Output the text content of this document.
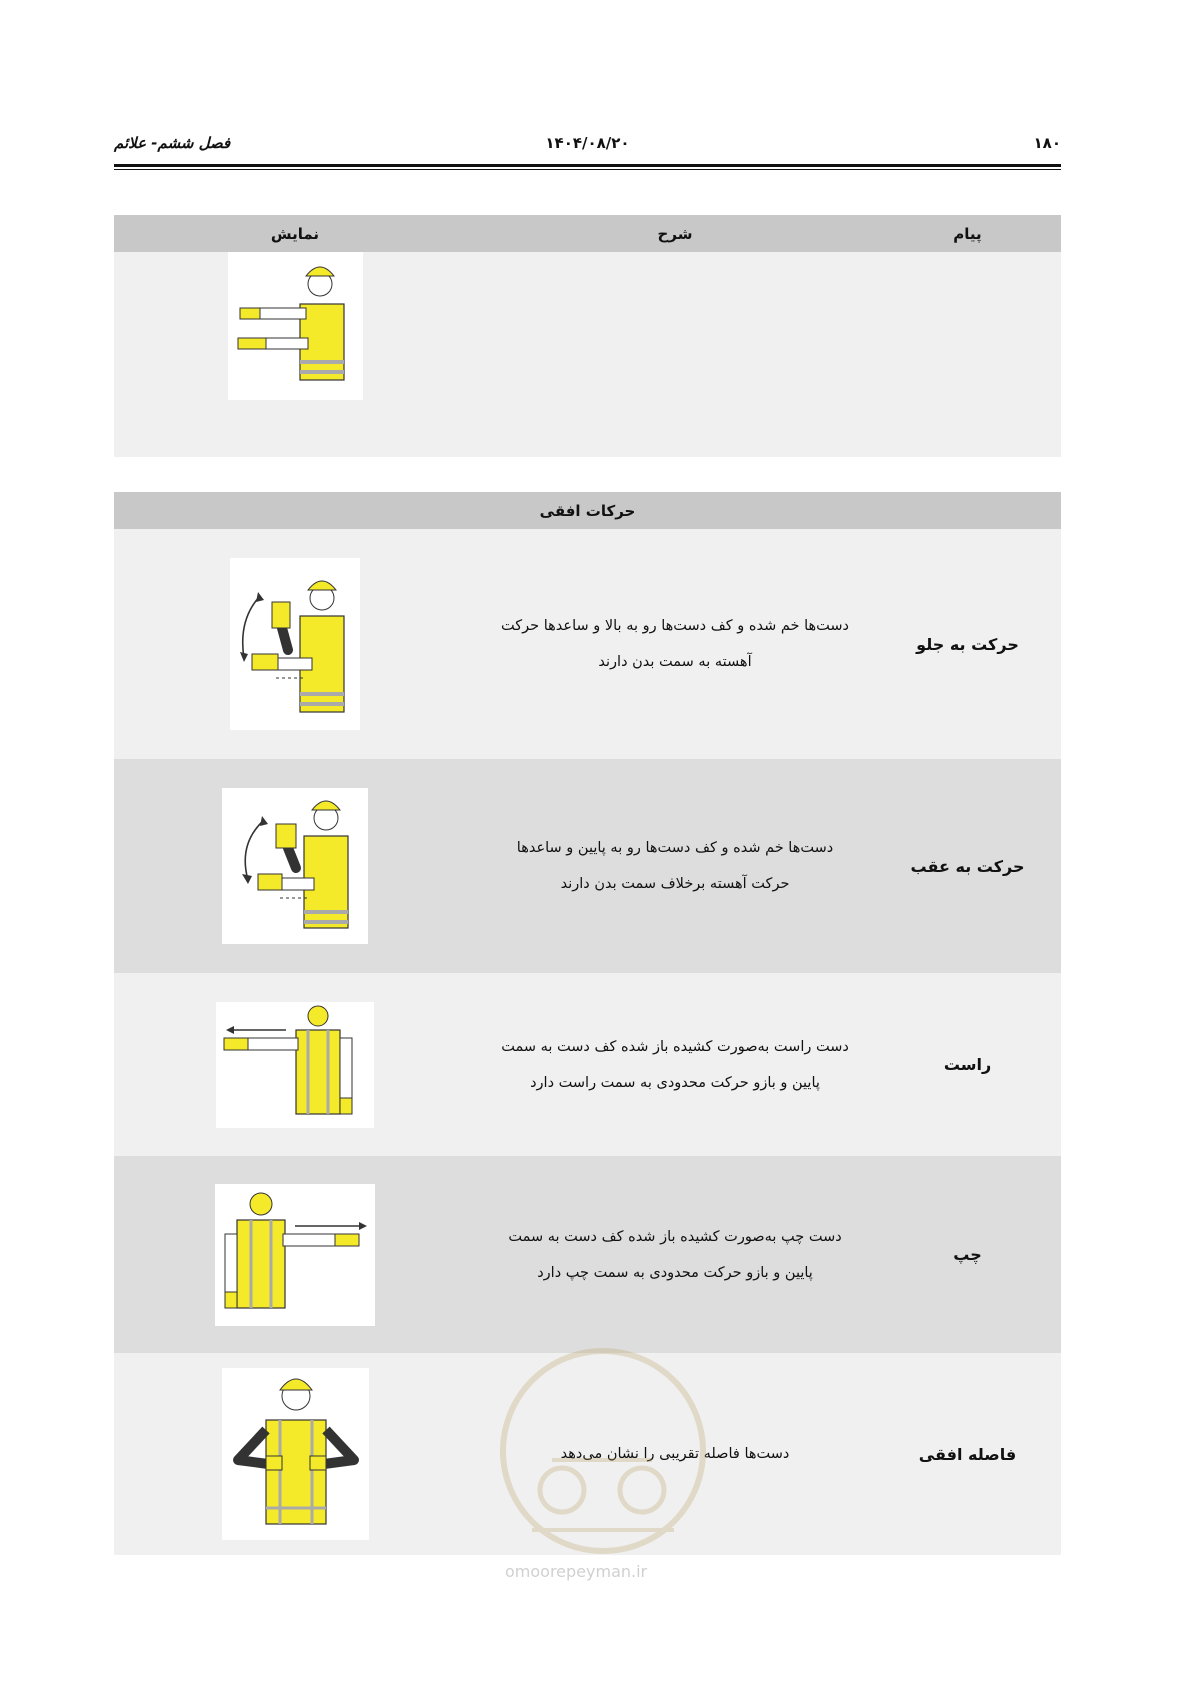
۱۸۰
۱۴۰۴/۰۸/۲۰
فصل ششم- علائم
پیام	شرح	نمایش

حرکات افقی		
حرکت به جلو	دست‌ها خم شده و کف دست‌ها رو به بالا و ساعدها حرکت
آهسته به سمت بدن دارند

حرکت به عقب	دست‌ها خم شده و کف دست‌ها رو به پایین و ساعدها
حرکت آهسته برخلاف سمت بدن دارند

راست	دست راست به‌صورت کشیده باز شده کف دست به سمت
پایین و بازو حرکت محدودی به سمت راست دارد

چپ	دست چپ به‌صورت کشیده باز شده کف دست به سمت
پایین و بازو حرکت محدودی به سمت چپ دارد

فاصله افقی	دست‌ها فاصله تقریبی را نشان می‌دهد

omoorepeyman.ir
